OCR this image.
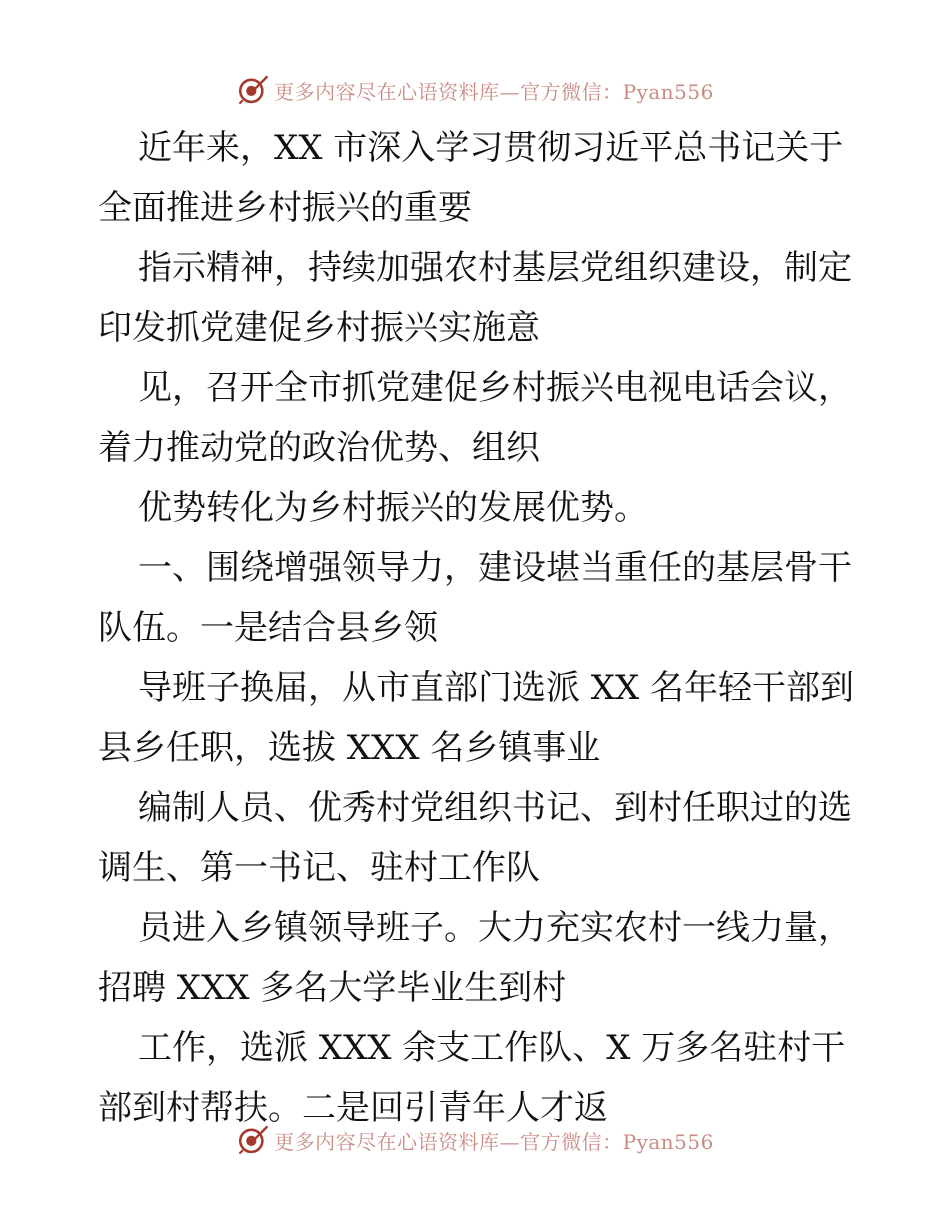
更多内容尽在心语资料库—官方微信：Pyan556
近年来，XX 市深入学习贯彻习近平总书记关于
全面推进乡村振兴的重要
指示精神，持续加强农村基层党组织建设，制定
印发抓党建促乡村振兴实施意
见，召开全市抓党建促乡村振兴电视电话会议，
着力推动党的政治优势、组织
优势转化为乡村振兴的发展优势。
一、围绕增强领导力，建设堪当重任的基层骨干
队伍。一是结合县乡领
导班子换届，从市直部门选派 XX 名年轻干部到
县乡任职，选拔 XXX 名乡镇事业
编制人员、优秀村党组织书记、到村任职过的选
调生、第一书记、驻村工作队
员进入乡镇领导班子。大力充实农村一线力量，
招聘 XXX 多名大学毕业生到村
工作，选派 XXX 余支工作队、X 万多名驻村干
部到村帮扶。二是回引青年人才返
更多内容尽在心语资料库—官方微信：Pyan556
